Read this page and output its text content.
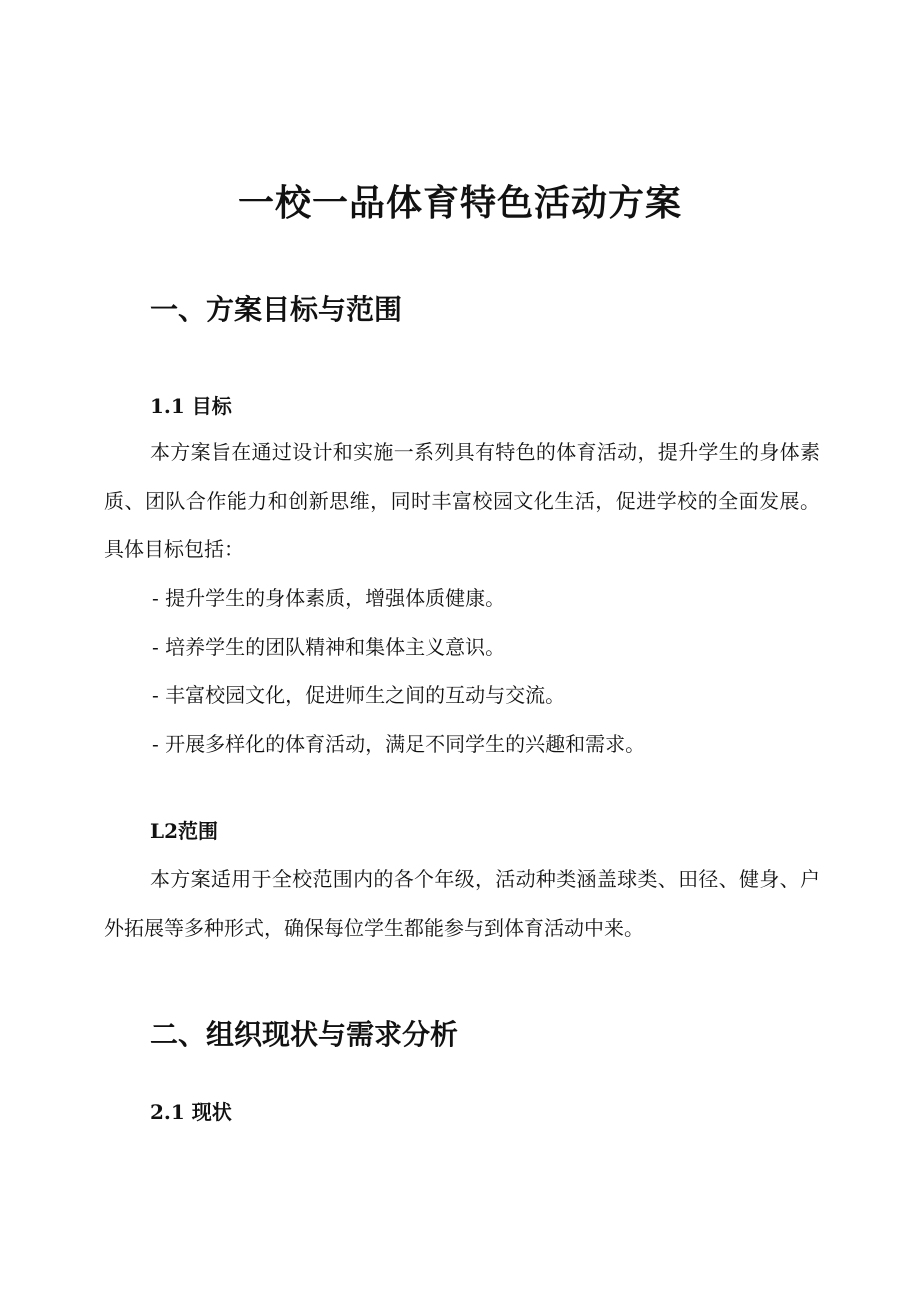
一校一品体育特色活动方案
一、方案目标与范围
1.1 目标

本方案旨在通过设计和实施一系列具有特色的体育活动，提升学生的身体素质、团队合作能力和创新思维，同时丰富校园文化生活，促进学校的全面发展。具体目标包括：

- 提升学生的身体素质，增强体质健康。
- 培养学生的团队精神和集体主义意识。
- 丰富校园文化，促进师生之间的互动与交流。
- 开展多样化的体育活动，满足不同学生的兴趣和需求。
L2范围

本方案适用于全校范围内的各个年级，活动种类涵盖球类、田径、健身、户外拓展等多种形式，确保每位学生都能参与到体育活动中来。

二、组织现状与需求分析
2.1 现状
